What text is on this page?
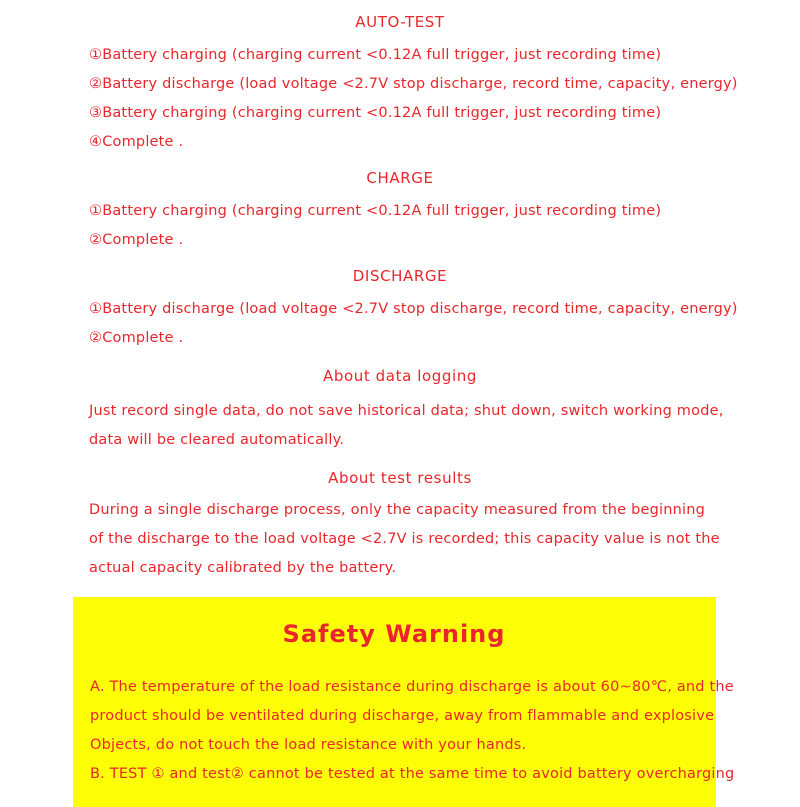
AUTO-TEST
①Battery charging (charging current <0.12A full trigger, just recording time)
②Battery discharge (load voltage <2.7V stop discharge, record time, capacity, energy)
③Battery charging (charging current <0.12A full trigger, just recording time)
④Complete .
CHARGE
①Battery charging (charging current <0.12A full trigger, just recording time)
②Complete .
DISCHARGE
①Battery discharge (load voltage <2.7V stop discharge, record time, capacity, energy)
②Complete .
About data logging
Just record single data, do not save historical data; shut down, switch working mode,
data will be cleared automatically.
About test results
During a single discharge process, only the capacity measured from the beginning
of the discharge to the load voltage <2.7V is recorded; this capacity value is not the
actual capacity calibrated by the battery.
Safety Warning
A. The temperature of the load resistance during discharge is about 60~80℃, and the
product should be ventilated during discharge, away from flammable and explosive
Objects, do not touch the load resistance with your hands.
B. TEST ① and test② cannot be tested at the same time to avoid battery overcharging
